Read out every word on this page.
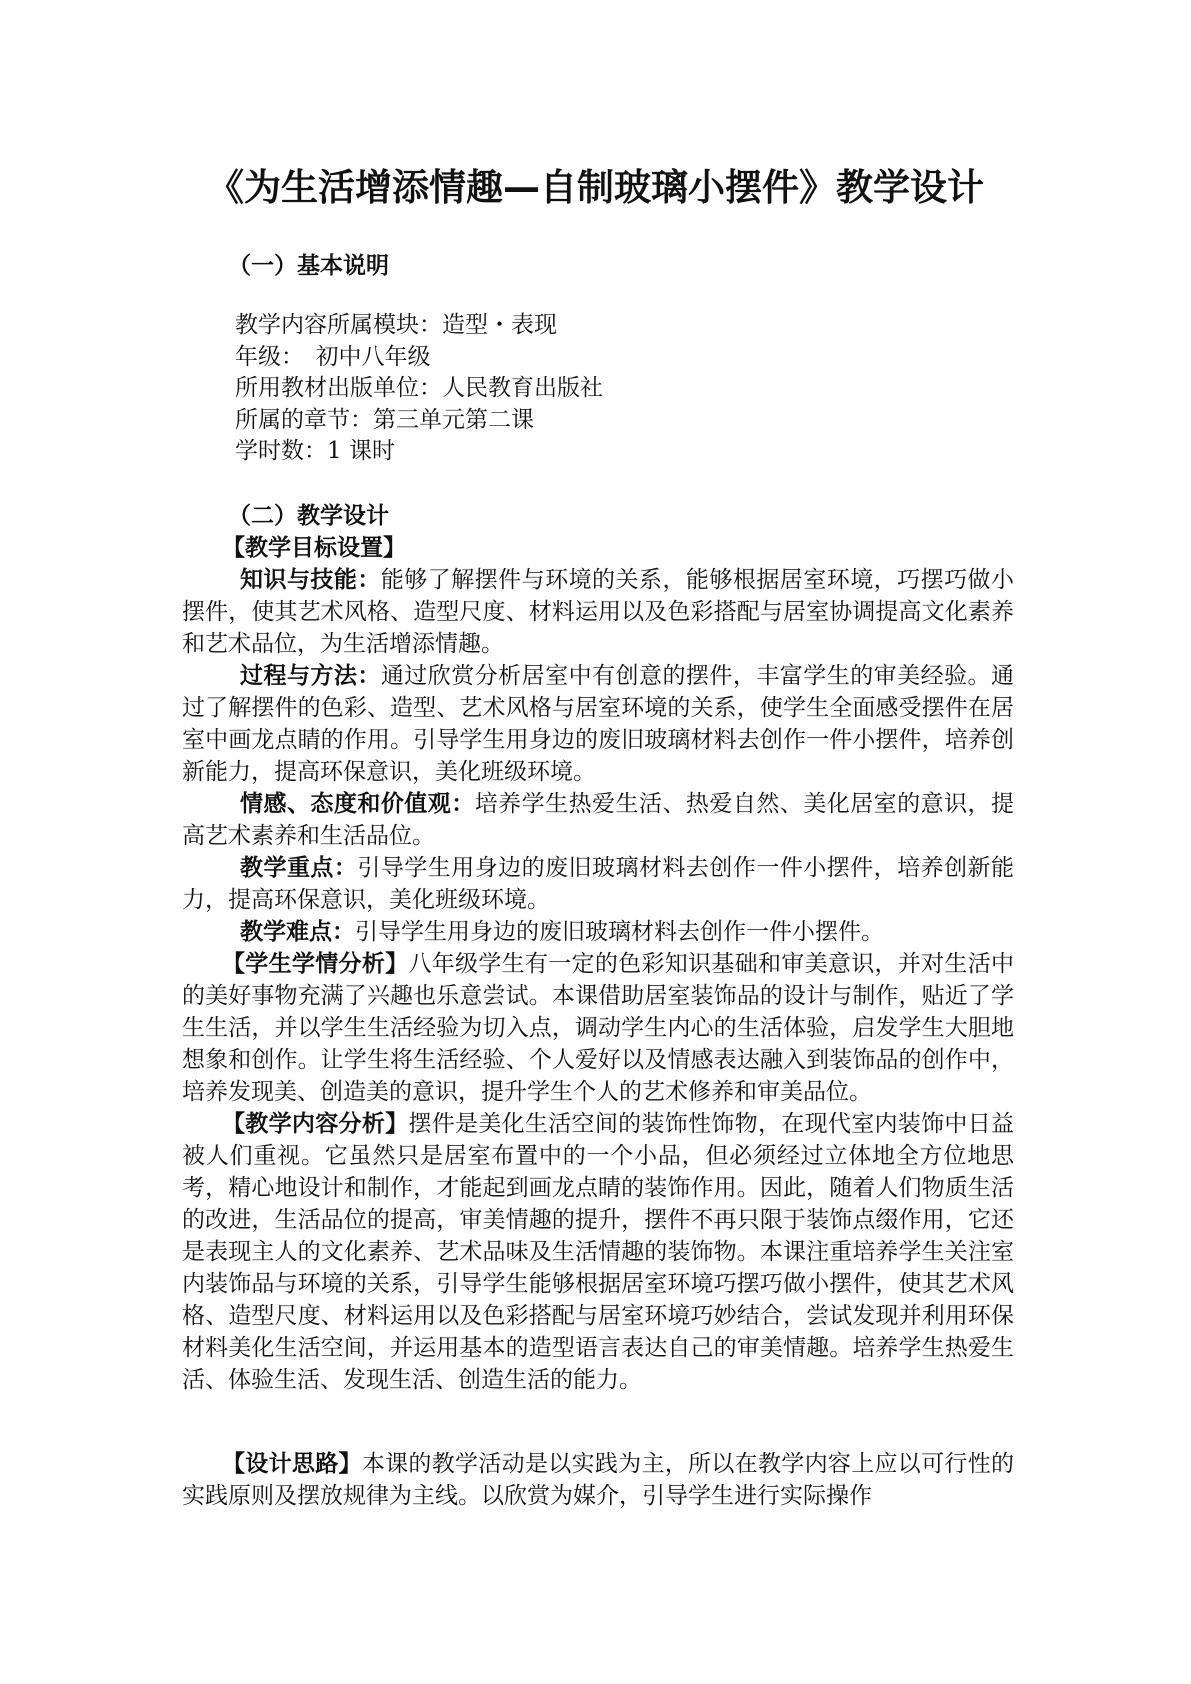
《为生活增添情趣—自制玻璃小摆件》教学设计
（一）基本说明
教学内容所属模块：造型・表现
年级：　初中八年级
所用教材出版单位：人民教育出版社
所属的章节：第三单元第二课
学时数：1 课时
（二）教学设计

【教学目标设置】

知识与技能：能够了解摆件与环境的关系，能够根据居室环境，巧摆巧做小摆件，使其艺术风格、造型尺度、材料运用以及色彩搭配与居室协调提高文化素养和艺术品位，为生活增添情趣。

过程与方法：通过欣赏分析居室中有创意的摆件，丰富学生的审美经验。通过了解摆件的色彩、造型、艺术风格与居室环境的关系，使学生全面感受摆件在居室中画龙点睛的作用。引导学生用身边的废旧玻璃材料去创作一件小摆件，培养创新能力，提高环保意识，美化班级环境。

情感、态度和价值观：培养学生热爱生活、热爱自然、美化居室的意识，提高艺术素养和生活品位。

教学重点：引导学生用身边的废旧玻璃材料去创作一件小摆件，培养创新能力，提高环保意识，美化班级环境。

教学难点：引导学生用身边的废旧玻璃材料去创作一件小摆件。

【学生学情分析】八年级学生有一定的色彩知识基础和审美意识，并对生活中的美好事物充满了兴趣也乐意尝试。本课借助居室装饰品的设计与制作，贴近了学生生活，并以学生生活经验为切入点，调动学生内心的生活体验，启发学生大胆地想象和创作。让学生将生活经验、个人爱好以及情感表达融入到装饰品的创作中，培养发现美、创造美的意识，提升学生个人的艺术修养和审美品位。

【教学内容分析】摆件是美化生活空间的装饰性饰物，在现代室内装饰中日益被人们重视。它虽然只是居室布置中的一个小品，但必须经过立体地全方位地思考，精心地设计和制作，才能起到画龙点睛的装饰作用。因此，随着人们物质生活的改进，生活品位的提高，审美情趣的提升，摆件不再只限于装饰点缀作用，它还是表现主人的文化素养、艺术品味及生活情趣的装饰物。本课注重培养学生关注室内装饰品与环境的关系，引导学生能够根据居室环境巧摆巧做小摆件，使其艺术风格、造型尺度、材料运用以及色彩搭配与居室环境巧妙结合，尝试发现并利用环保材料美化生活空间，并运用基本的造型语言表达自己的审美情趣。培养学生热爱生活、体验生活、发现生活、创造生活的能力。

【设计思路】本课的教学活动是以实践为主，所以在教学内容上应以可行性的实践原则及摆放规律为主线。以欣赏为媒介，引导学生进行实际操作
